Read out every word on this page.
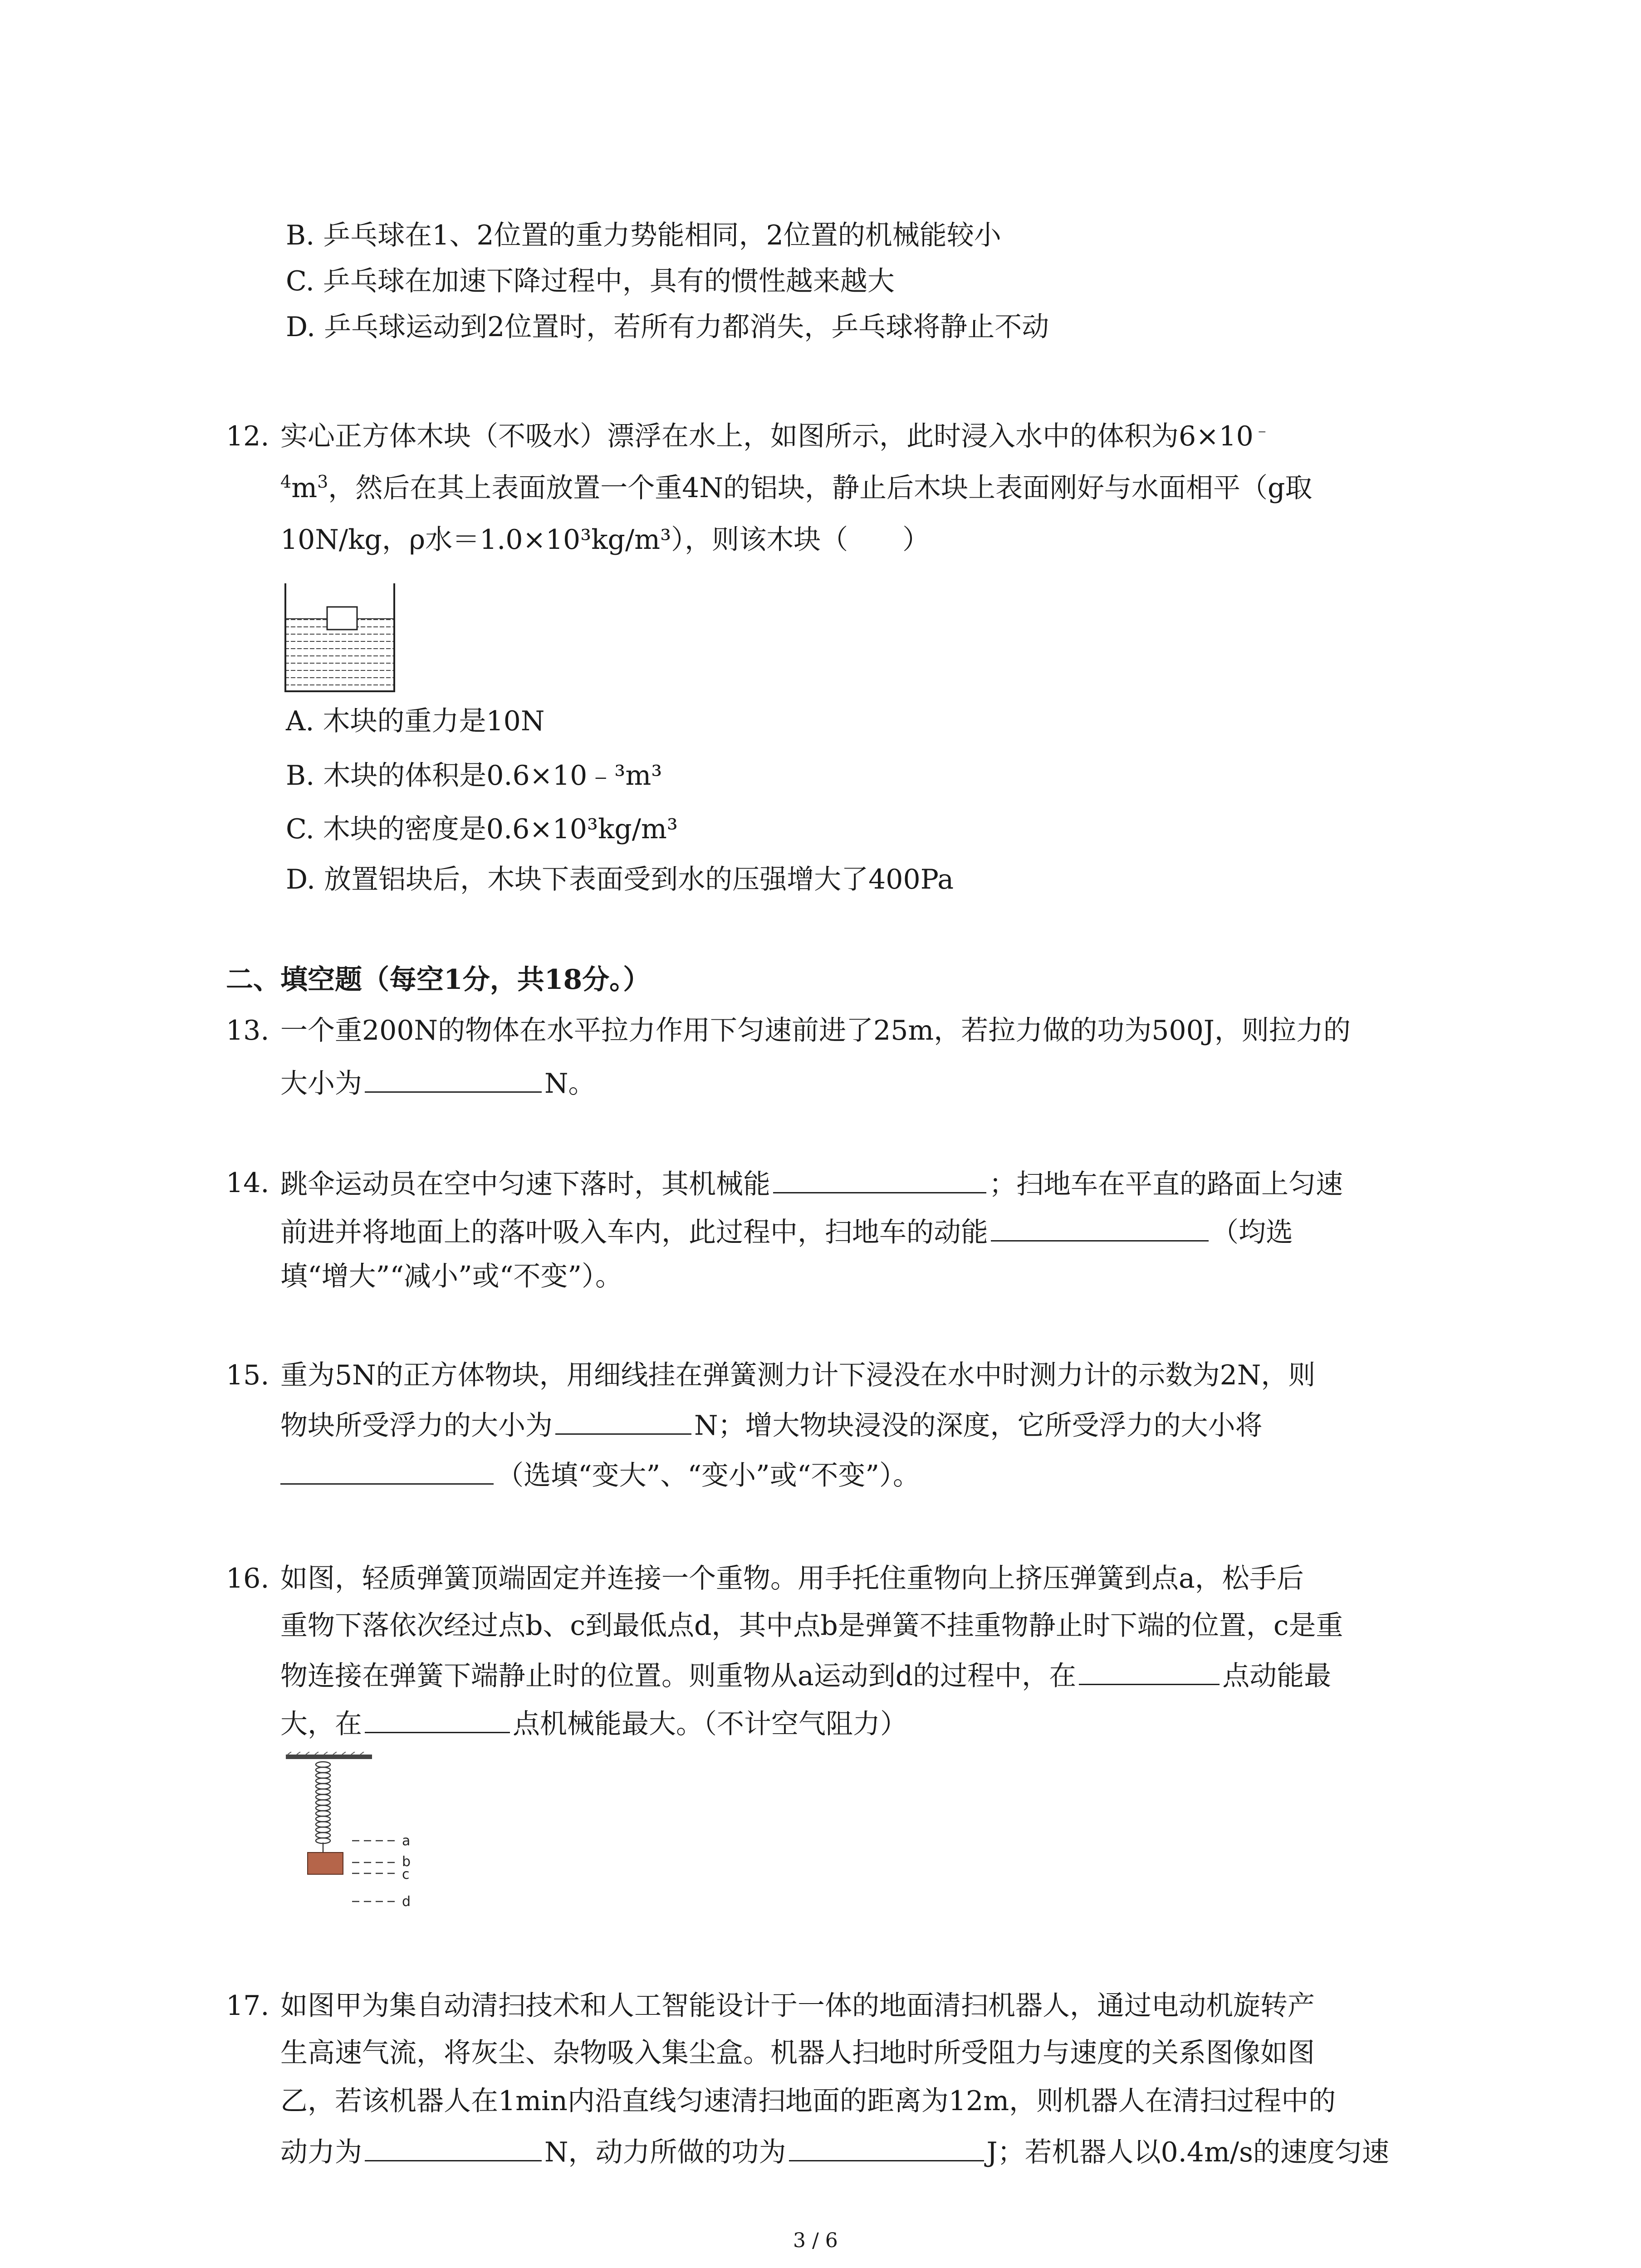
B. 乒乓球在1、2位置的重力势能相同，2位置的机械能较小
C. 乒乓球在加速下降过程中，具有的惯性越来越大
D. 乒乓球运动到2位置时，若所有力都消失，乒乓球将静止不动
12. 实心正方体木块（不吸水）漂浮在水上，如图所示，此时浸入水中的体积为6×10﹣
$^4m^3$，然后在其上表面放置一个重4N的铝块，静止后木块上表面刚好与水面相平（g取
10N/kg，ρ水＝1.0×10³kg/m³），则该木块（　　）
A. 木块的重力是10N
B. 木块的体积是0.6×10﹣³m³
C. 木块的密度是0.6×10³kg/m³
D. 放置铝块后，木块下表面受到水的压强增大了400Pa
二、填空题（每空1分，共18分。）
13. 一个重200N的物体在水平拉力作用下匀速前进了25m，若拉力做的功为500J，则拉力的
大小为	N。
14. 跳伞运动员在空中匀速下落时，其机械能	；扫地车在平直的路面上匀速
前进并将地面上的落叶吸入车内，此过程中，扫地车的动能	（均选
填“增大”“减小”或“不变”）。
15. 重为5N的正方体物块，用细线挂在弹簧测力计下浸没在水中时测力计的示数为2N，则
物块所受浮力的大小为	N；增大物块浸没的深度，它所受浮力的大小将
（选填“变大”、“变小”或“不变”）。
16. 如图，轻质弹簧顶端固定并连接一个重物。用手托住重物向上挤压弹簧到点a，松手后
重物下落依次经过点b、c到最低点d，其中点b是弹簧不挂重物静止时下端的位置，c是重
物连接在弹簧下端静止时的位置。则重物从a运动到d的过程中，在	点动能最
大，在	点机械能最大。（不计空气阻力）
a
b
c
d
17. 如图甲为集自动清扫技术和人工智能设计于一体的地面清扫机器人，通过电动机旋转产
生高速气流，将灰尘、杂物吸入集尘盒。机器人扫地时所受阻力与速度的关系图像如图
乙，若该机器人在1min内沿直线匀速清扫地面的距离为12m，则机器人在清扫过程中的
动力为	N，动力所做的功为	J；若机器人以0.4m/s的速度匀速
3 / 6
